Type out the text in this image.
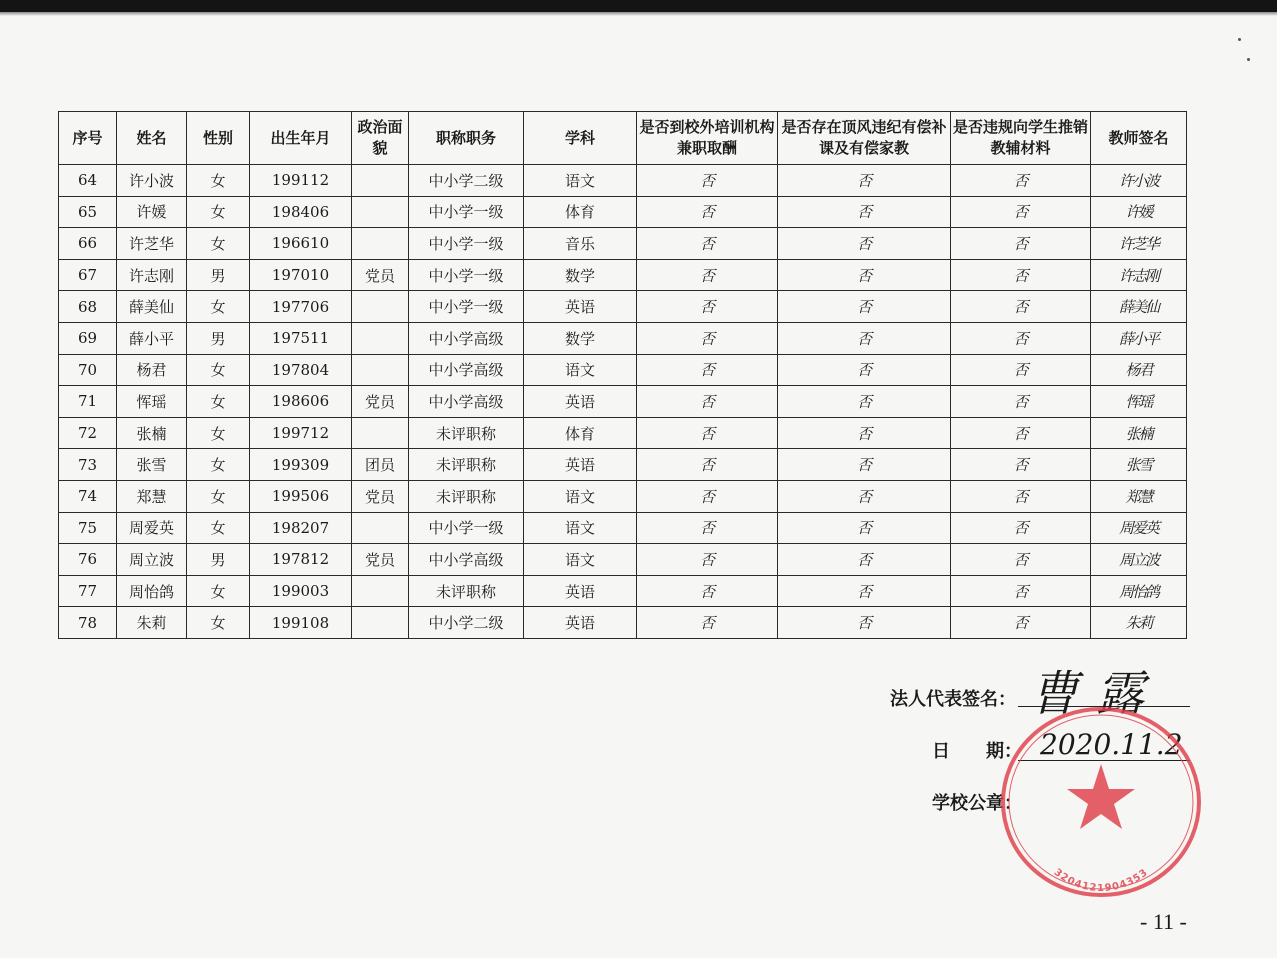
序号	姓名	性别	出生年月	政治面貌	职称职务	学科	是否到校外培训机构兼职取酬	是否存在顶风违纪有偿补课及有偿家教	是否违规向学生推销教辅材料	教师签名
64	许小波	女	199112		中小学二级	语文	否	否	否	许小波
65	许媛	女	198406		中小学一级	体育	否	否	否	许媛
66	许芝华	女	196610		中小学一级	音乐	否	否	否	许芝华
67	许志刚	男	197010	党员	中小学一级	数学	否	否	否	许志刚
68	薛美仙	女	197706		中小学一级	英语	否	否	否	薛美仙
69	薛小平	男	197511		中小学高级	数学	否	否	否	薛小平
70	杨君	女	197804		中小学高级	语文	否	否	否	杨君
71	恽瑶	女	198606	党员	中小学高级	英语	否	否	否	恽瑶
72	张楠	女	199712		未评职称	体育	否	否	否	张楠
73	张雪	女	199309	团员	未评职称	英语	否	否	否	张雪
74	郑慧	女	199506	党员	未评职称	语文	否	否	否	郑慧
75	周爱英	女	198207		中小学一级	语文	否	否	否	周爱英
76	周立波	男	197812	党员	中小学高级	语文	否	否	否	周立波
77	周怡鸽	女	199003		未评职称	英语	否	否	否	周怡鸽
78	朱莉	女	199108		中小学二级	英语	否	否	否	朱莉
法人代表签名： 曹露
日　　期： 2020.11.2
学校公章：
3204121904353
- 11 -
